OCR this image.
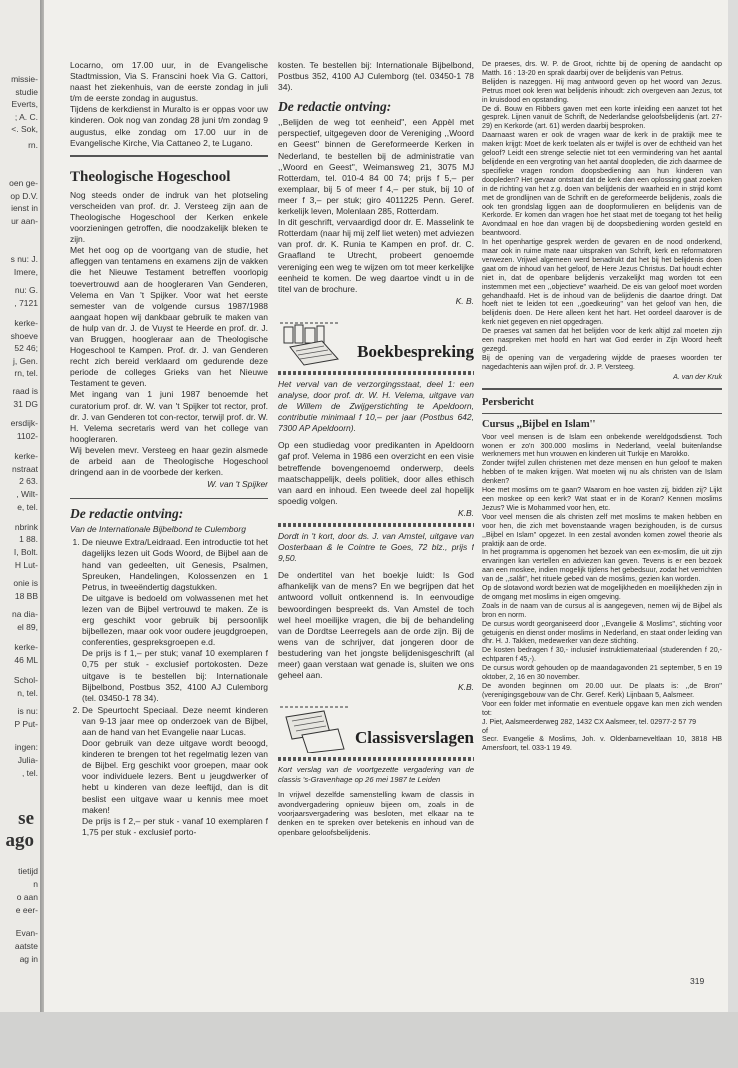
missie-
studie
Everts,
; A. C.
<. Sok,
rn.
oen ge-
op D.V.
ienst in
ur aan-
s nu: J.
Imere,
nu: G.
, 7121
kerke-
shoeve
52 46;
j, Gen.
rn, tel.
raad is
31 DG
ersdijk-
1102-
kerke-
nstraat
2 63.
, Wilt-
e, tel.
nbrink
1 88.
I, Bolt.
H Lut-
onie is
18 BB
na dia-
el 89,
kerke-
46 ML
Schol-
n, tel.
is nu:
P Put-
ingen:
Julia-
, tel.
tietijd
n
o aan
e eer-
Evan-
aatste
ag in
se
ago

Locarno, om 17.00 uur, in de Evangelische Stadtmission, Via S. Franscini hoek Via G. Cattori, naast het ziekenhuis, van de eerste zondag in juli t/m de eerste zondag in augustus.

Tijdens de kerkdienst in Muralto is er oppas voor uw kinderen. Ook nog van zondag 28 juni t/m zondag 9 augustus, elke zondag om 17.00 uur in de Evangelische Kirche, Via Cattaneo 2, te Lugano.

Theologische Hogeschool

Nog steeds onder de indruk van het plotseling verscheiden van prof. dr. J. Versteeg zijn aan de Theologische Hogeschool der Kerken enkele voorzieningen getroffen, die noodzakelijk bleken te zijn.

Met het oog op de voortgang van de studie, het afleggen van tentamens en examens zijn de vakken die het Nieuwe Testament betreffen voorlopig toevertrouwd aan de hoogleraren Van Genderen, Velema en Van 't Spijker. Voor wat het eerste semester van de volgende cursus 1987/1988 aangaat hopen wij dankbaar gebruik te maken van de hulp van dr. J. de Vuyst te Heerde en prof. dr. J. van Bruggen, hoogleraar aan de Theologische Hogeschool te Kampen. Prof. dr. J. van Genderen recht zich bereid verklaard om gedurende deze periode de colleges Grieks van het Nieuwe Testament te geven.

Met ingang van 1 juni 1987 benoemde het curatorium prof. dr. W. van 't Spijker tot rector, prof. dr. J. van Genderen tot con-rector, terwijl prof. dr. W. H. Velema secretaris werd van het college van hoogleraren.

Wij bevelen mevr. Versteeg en haar gezin alsmede de arbeid aan de Theologische Hogeschool dringend aan in de voorbede der kerken.

W. van 't Spijker

De redactie ontving:

Van de Internationale Bijbelbond te Culemborg

1. De nieuwe Extra/Leidraad. Een introductie tot het dagelijks lezen uit Gods Woord, de Bijbel aan de hand van gedeelten, uit Genesis, Psalmen, Spreuken, Handelingen, Kolossenzen en 1 Petrus, in tweeëndertig dagstukken.

De uitgave is bedoeld om volwassenen met het lezen van de Bijbel vertrouwd te maken. Ze is erg geschikt voor gebruik bij persoonlijk bijbellezen, maar ook voor oudere jeugdgroepen, conferenties, gespreksgroepen e.d.

De prijs is f 1,– per stuk; vanaf 10 exemplaren f 0,75 per stuk - exclusief portokosten. Deze uitgave is te bestellen bij: Internationale Bijbelbond, Postbus 352, 4100 AJ Culemborg (tel. 03450-1 78 34).

2. De Speurtocht Speciaal. Deze neemt kinderen van 9-13 jaar mee op onderzoek van de Bijbel, aan de hand van het Evangelie naar Lucas.

Door gebruik van deze uitgave wordt beoogd, kinderen te brengen tot het regelmatig lezen van de Bijbel. Erg geschikt voor groepen, maar ook voor individuele lezers. Bent u jeugdwerker of hebt u kinderen van deze leeftijd, dan is dit beslist een uitgave waar u kennis mee moet maken!

De prijs is f 2,– per stuk - vanaf 10 exemplaren f 1,75 per stuk - exclusief porto-

kosten. Te bestellen bij: Internationale Bijbelbond, Postbus 352, 4100 AJ Culemborg (tel. 03450-1 78 34).

De redactie ontving:

,,Belijden de weg tot eenheid'', een Appèl met perspectief, uitgegeven door de Vereniging ,,Woord en Geest'' binnen de Gereformeerde Kerken in Nederland, te bestellen bij de administratie van ,,Woord en Geest'', Weimansweg 21, 3075 MJ Rotterdam, tel. 010-4 84 00 74; prijs f 5,– per exemplaar, bij 5 of meer f 4,– per stuk, bij 10 of meer f 3,– per stuk; giro 4011225 Penn. Geref. kerkelijk leven, Molenlaan 285, Rotterdam.

In dit geschrift, vervaardigd door dr. E. Masselink te Rotterdam (naar hij mij zelf liet weten) met adviezen van prof. dr. K. Runia te Kampen en prof. dr. C. Graafland te Utrecht, probeert genoemde vereniging een weg te wijzen om tot meer kerkelijke eenheid te komen. De weg daartoe vindt u in de titel van de brochure.

K. B.

Boekbespreking

Het verval van de verzorgingsstaat, deel 1: een analyse, door prof. dr. W. H. Velema, uitgave van de Willem de Zwijgerstichting te Apeldoorn, contributie minimaal f 10,– per jaar (Postbus 642, 7300 AP Apeldoorn).

Op een studiedag voor predikanten in Apeldoorn gaf prof. Velema in 1986 een overzicht en een visie betreffende bovengenoemd onderwerp, deels maatschappelijk, deels politiek, door alles ethisch van aard en inhoud. Een tweede deel zal hopelijk spoedig volgen.

K.B.

Dordt in 't kort, door ds. J. van Amstel, uitgave van Oosterbaan & le Cointre te Goes, 72 blz., prijs f 9,50.

De ondertitel van het boekje luidt: Is God afhankelijk van de mens? En we begrijpen dat het antwoord volluit ontkennend is. In eenvoudige bewoordingen bespreekt ds. Van Amstel de toch wel heel moeilijke vragen, die bij de behandeling van de Dordtse Leerregels aan de orde zijn. Bij de wens van de schrijver, dat jongeren door de bestudering van het jongste belijdenisgeschrift (al meer) gaan verstaan wat genade is, sluiten we ons geheel aan.

K.B.

Classisverslagen

Kort verslag van de voortgezette vergadering van de classis 's-Gravenhage op 26 mei 1987 te Leiden

In vrijwel dezelfde samenstelling kwam de classis in avondvergadering opnieuw bijeen om, zoals in de voorjaarsvergadering was besloten, met elkaar na te denken en te spreken over betekenis en inhoud van de openbare geloofsbelijdenis.

De praeses, drs. W. P. de Groot, richtte bij de opening de aandacht op Matth. 16 : 13-20 en sprak daarbij over de belijdenis van Petrus.

Belijden is nazeggen. Hij mag antwoord geven op het woord van Jezus. Petrus moet ook leren wat belijdenis inhoudt: zich overgeven aan Jezus, tot in kruisdood en opstanding.

De di. Bouw en Ribbers gaven met een korte inleiding een aanzet tot het gesprek. Lijnen vanuit de Schrift, de Nederlandse geloofsbelijdenis (art. 27-29) en Kerkorde (art. 61) werden daarbij besproken.

Daarnaast waren er ook de vragen waar de kerk in de praktijk mee te maken krijgt: Moet de kerk toelaten als er twijfel is over de echtheid van het geloof? Leidt een strenge selectie niet tot een vermindering van het aantal belijdende en een vergroting van het aantal doopleden, die zich daarmee de specifieke vragen rondom doopsbediening aan hun kinderen van doopleden? Het gevaar ontstaat dat de kerk dan een oplossing gaat zoeken in de richting van het z.g. doen van belijdenis der waarheid en in strijd komt met de grondlijnen van de Schrift en de gereformeerde belijdenis, zoals die ook ten grondslag liggen aan de doopformulieren en belijdenis van de Kerkorde. Er komen dan vragen hoe het staat met de toegang tot het heilig Avondmaal en hoe dan vragen bij de doopsbediening worden gesteld en beantwoord.

In het openhartige gesprek werden de gevaren en de nood onderkend, maar ook in ruime mate naar uitspraken van Schrift, kerk en reformatoren verwezen. Vrijwel algemeen werd benadrukt dat het bij het belijdenis doen gaat om de inhoud van het geloof, de Here Jezus Christus. Dat houdt echter niet in, dat de openbare belijdenis verzakelijkt mag worden tot een instemmen met een ,,objectieve'' waarheid. De eis van geloof moet worden gehandhaafd. Het is de inhoud van de belijdenis die daartoe dringt. Dat hoeft niet te leiden tot een ,,goedkeuring'' van het geloof van hen, die belijdenis doen. De Here alleen kent het hart. Het oordeel daarover is de kerk niet gegeven en niet opgedragen.

De praeses vat samen dat het belijden voor de kerk altijd zal moeten zijn een naspreken met hoofd en hart wat God eerder in Zijn Woord heeft gezegd.

Bij de opening van de vergadering wijdde de praeses woorden ter nagedachtenis aan wijlen prof. dr. J. P. Versteeg.

A. van der Kruk

Persbericht
Cursus ,,Bijbel en Islam''

Voor veel mensen is de Islam een onbekende wereldgodsdienst. Toch wonen er zo'n 300.000 moslims in Nederland, veelal buitenlandse werknemers met hun vrouwen en kinderen uit Turkije en Marokko.

Zonder twijfel zullen christenen met deze mensen en hun geloof te maken hebben of te maken krijgen. Wat moeten wij nu als christen van de Islam denken?

Hoe met moslims om te gaan? Waarom en hoe vasten zij, bidden zij? Lijkt een moskee op een kerk? Wat staat er in de Koran? Kennen moslims Jezus? Wie is Mohammed voor hen, etc.

Voor veel mensen die als christen zelf met moslims te maken hebben en voor hen, die zich met bovenstaande vragen bezighouden, is de cursus ,,Bijbel en Islam'' opgezet. In een zestal avonden komen zowel theorie als praktijk aan de orde.

In het programma is opgenomen het bezoek van een ex-moslim, die uit zijn ervaringen kan vertellen en adviezen kan geven. Tevens is er een bezoek aan een moskee, indien mogelijk tijdens het gebedsuur, zodat het verrichten van de ,,salât'', het rituele gebed van de moslims, gezien kan worden.

Op de slotavond wordt bezien wat de mogelijkheden en moeilijkheden zijn in de omgang met moslims in eigen omgeving.

Zoals in de naam van de cursus al is aangegeven, nemen wij de Bijbel als bron en norm.

De cursus wordt georganiseerd door ,,Evangelie & Moslims'', stichting voor getuigenis en dienst onder moslims in Nederland, en staat onder leiding van dhr. H. J. Takken, medewerker van deze stichting.

De kosten bedragen f 30,- inclusief instruktiemateriaal (studerenden f 20,- echtparen f 45,-).

De cursus wordt gehouden op de maandagavonden 21 september, 5 en 19 oktober, 2, 16 en 30 november.

De avonden beginnen om 20.00 uur. De plaats is: ,,de Bron'' (verenigingsgebouw van de Chr. Geref. Kerk) Lijnbaan 5, Aalsmeer.

Voor een folder met informatie en eventuele opgave kan men zich wenden tot:

J. Piet, Aalsmeerderweg 282, 1432 CX Aalsmeer, tel. 02977-2 57 79

of

Secr. Evangelie & Moslims, Joh. v. Oldenbarneveltlaan 10, 3818 HB Amersfoort, tel. 033-1 19 49.

319
